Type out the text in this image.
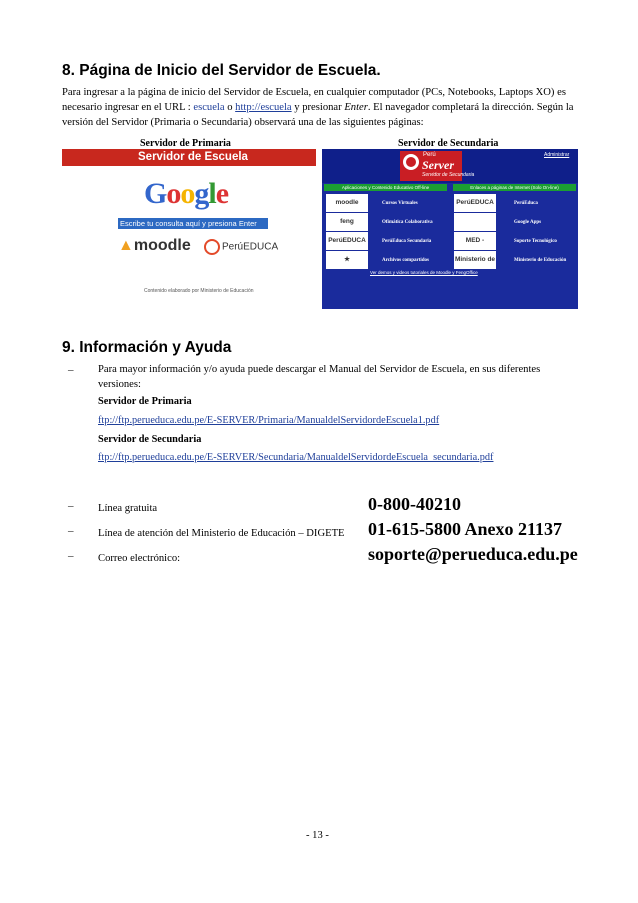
8. Página de Inicio del Servidor de Escuela.
Para ingresar a la página de inicio del Servidor de Escuela, en cualquier computador (PCs, Notebooks, Laptops XO) es necesario ingresar en el URL : escuela o http://escuela y presionar Enter. El navegador completará la dirección. Según la versión del Servidor (Primaria o Secundaria) observará una de las siguientes páginas:
Servidor de Primaria	Servidor de Secundaria
Servidor de Escuela
Google
Escribe tu consulta aquí y presiona Enter
▲moodle	PerúEDUCA
Contenido elaborado por Ministerio de Educación
Perú
Server
Servidor de Secundaria
Administrar
Aplicaciones y Contenido Educativo Off-line	Enlaces a páginas de Internet (Solo On-line)
moodle
feng
PerúEDUCA
★
PerúEDUCA
MED -
Ministerio de
Cursos Virtuales
Ofimática Colaborativa
PerúEduca Secundaria
Archivos compartidos
PerúEduca
Google Apps
Soporte Tecnológico
Ministerio de Educación
Ver demos y videos tutoriales de Moodle y FengOffice
9. Información y Ayuda
– Para mayor información y/o ayuda puede descargar el Manual del Servidor de Escuela, en sus diferentes versiones:
Servidor de Primaria
ftp://ftp.perueduca.edu.pe/E-SERVER/Primaria/ManualdelServidordeEscuela1.pdf
Servidor de Secundaria
ftp://ftp.perueduca.edu.pe/E-SERVER/Secundaria/ManualdelServidordeEscuela_secundaria.pdf
– Línea gratuita	0-800-40210
– Línea de atención del Ministerio de Educación – DIGETE 01-615-5800 Anexo 21137
– Correo electrónico:	soporte@perueduca.edu.pe
- 13 -
